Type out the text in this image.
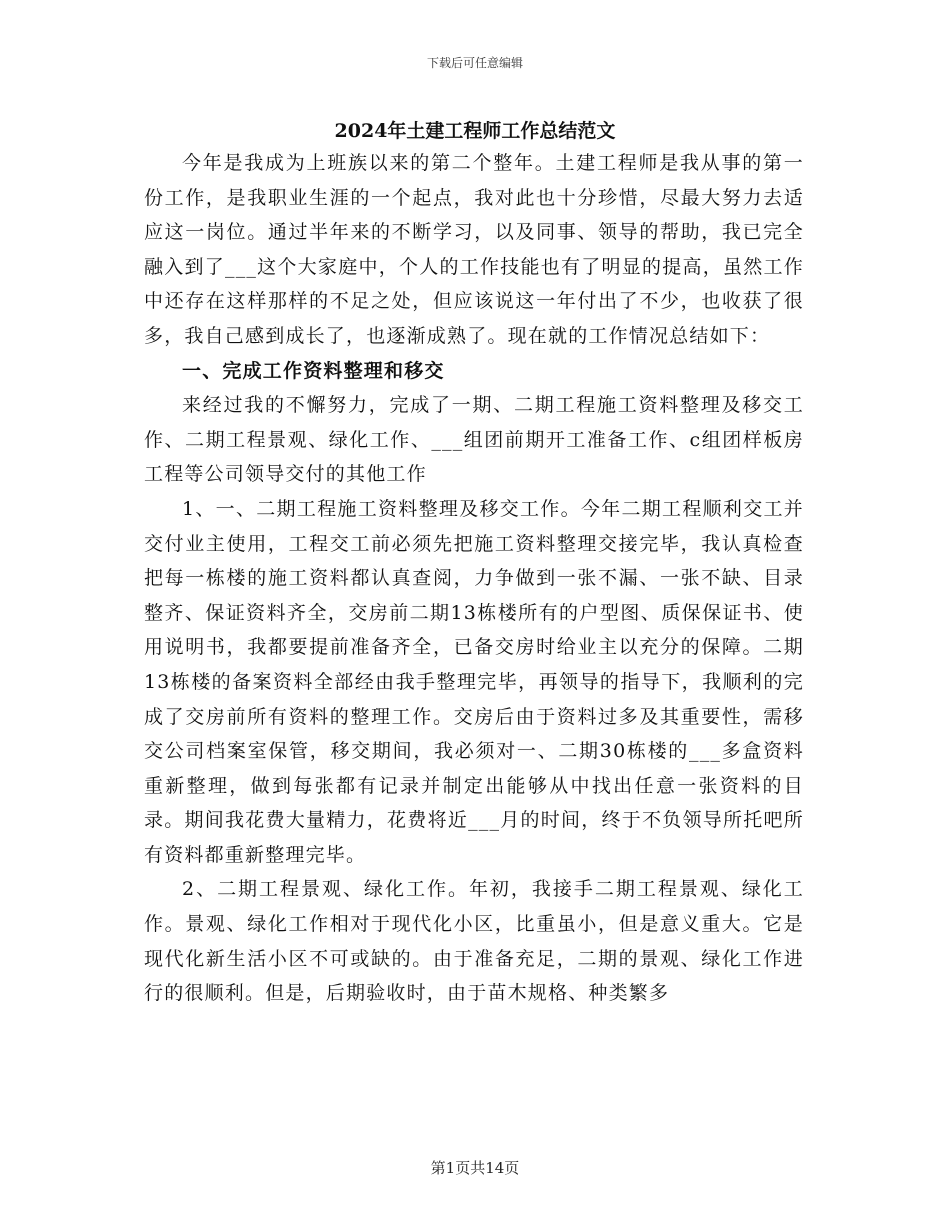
下载后可任意编辑
2024年土建工程师工作总结范文

今年是我成为上班族以来的第二个整年。土建工程师是我从事的第一份工作，是我职业生涯的一个起点，我对此也十分珍惜，尽最大努力去适应这一岗位。通过半年来的不断学习，以及同事、领导的帮助，我已完全融入到了___这个大家庭中，个人的工作技能也有了明显的提高，虽然工作中还存在这样那样的不足之处，但应该说这一年付出了不少，也收获了很多，我自己感到成长了，也逐渐成熟了。现在就的工作情况总结如下：

一、完成工作资料整理和移交

来经过我的不懈努力，完成了一期、二期工程施工资料整理及移交工作、二期工程景观、绿化工作、___组团前期开工准备工作、c组团样板房工程等公司领导交付的其他工作

1、一、二期工程施工资料整理及移交工作。今年二期工程顺利交工并交付业主使用，工程交工前必须先把施工资料整理交接完毕，我认真检查把每一栋楼的施工资料都认真查阅，力争做到一张不漏、一张不缺、目录整齐、保证资料齐全，交房前二期13栋楼所有的户型图、质保保证书、使用说明书，我都要提前准备齐全，已备交房时给业主以充分的保障。二期13栋楼的备案资料全部经由我手整理完毕，再领导的指导下，我顺利的完成了交房前所有资料的整理工作。交房后由于资料过多及其重要性，需移交公司档案室保管，移交期间，我必须对一、二期30栋楼的___多盒资料重新整理，做到每张都有记录并制定出能够从中找出任意一张资料的目录。期间我花费大量精力，花费将近___月的时间，终于不负领导所托吧所有资料都重新整理完毕。

2、二期工程景观、绿化工作。年初，我接手二期工程景观、绿化工作。景观、绿化工作相对于现代化小区，比重虽小，但是意义重大。它是现代化新生活小区不可或缺的。由于准备充足，二期的景观、绿化工作进行的很顺利。但是，后期验收时，由于苗木规格、种类繁多

第1页共14页
